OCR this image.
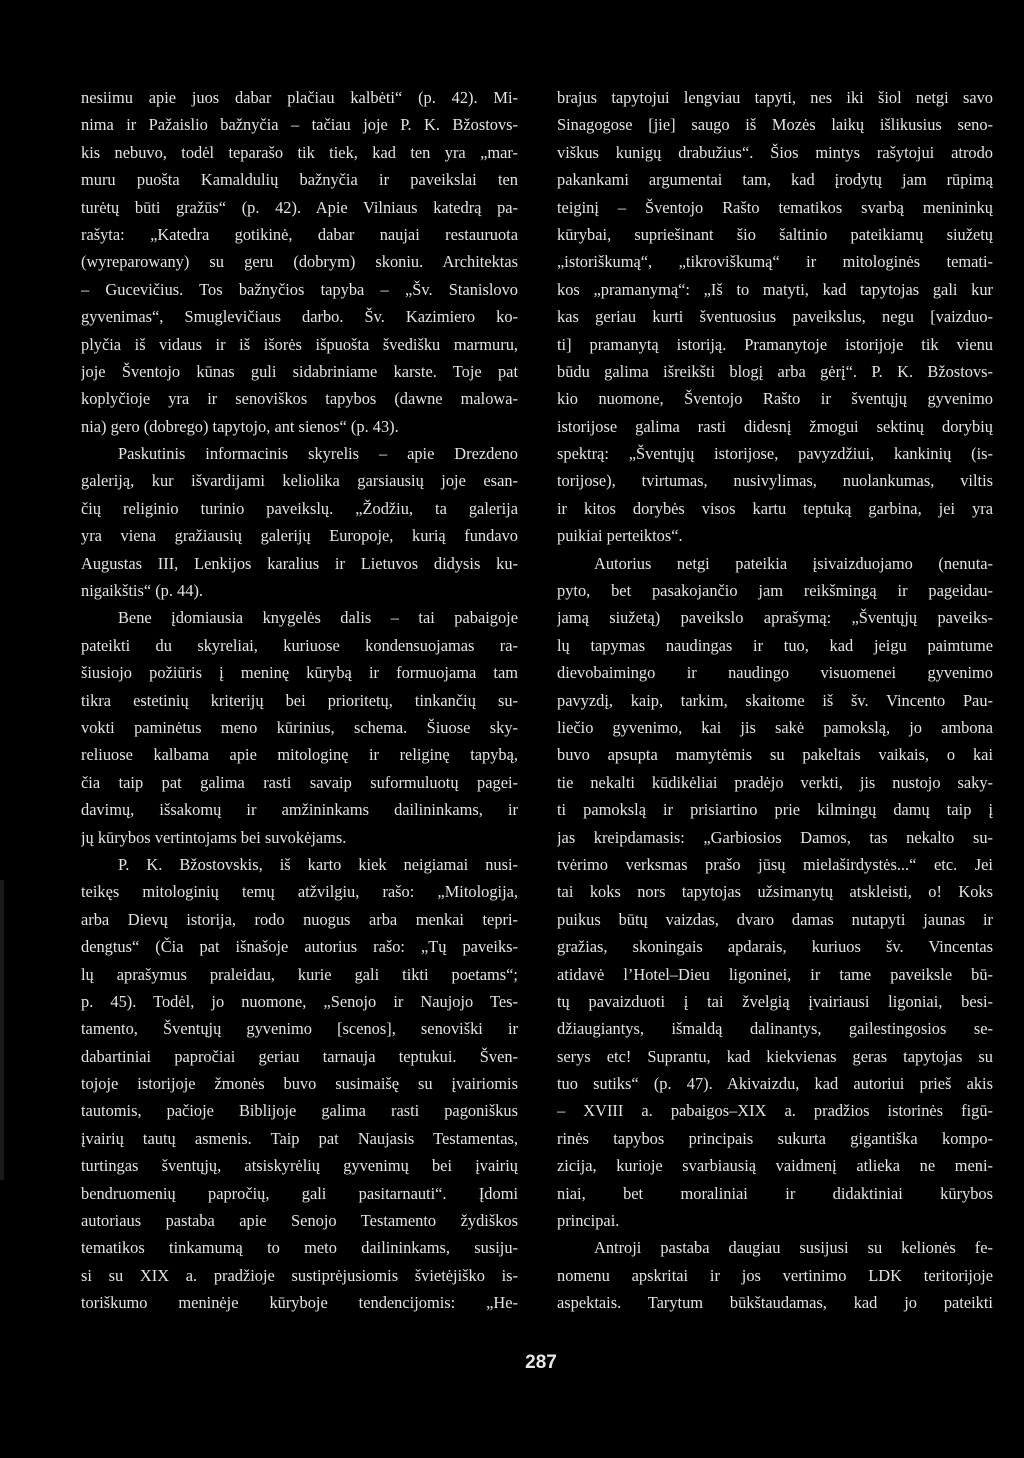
nesiimu apie juos dabar plačiau kalbėti“ (p. 42). Mi-
nima ir Pažaislio bažnyčia – tačiau joje P. K. Bžostovs-
kis nebuvo, todėl teparašo tik tiek, kad ten yra „mar-
muru puošta Kamaldulių bažnyčia ir paveikslai ten
turėtų būti gražūs“ (p. 42). Apie Vilniaus katedrą pa-
rašyta: „Katedra gotikinė, dabar naujai restauruota
(wyreparowany) su geru (dobrym) skoniu. Architektas
– Gucevičius. Tos bažnyčios tapyba – „Šv. Stanislovo
gyvenimas“, Smuglevičiaus darbo. Šv. Kazimiero ko-
plyčia iš vidaus ir iš išorės išpuošta švedišku marmuru,
joje Šventojo kūnas guli sidabriniame karste. Toje pat
koplyčioje yra ir senoviškos tapybos (dawne malowa-
nia) gero (dobrego) tapytojo, ant sienos“ (p. 43).
Paskutinis informacinis skyrelis – apie Drezdeno
galeriją, kur išvardijami keliolika garsiausių joje esan-
čių religinio turinio paveikslų. „Žodžiu, ta galerija
yra viena gražiausių galerijų Europoje, kurią fundavo
Augustas III, Lenkijos karalius ir Lietuvos didysis ku-
nigaikštis“ (p. 44).
Bene įdomiausia knygelės dalis – tai pabaigoje
pateikti du skyreliai, kuriuose kondensuojamas ra-
šiusiojo požiūris į meninę kūrybą ir formuojama tam
tikra estetinių kriterijų bei prioritetų, tinkančių su-
vokti paminėtus meno kūrinius, schema. Šiuose sky-
reliuose kalbama apie mitologinę ir religinę tapybą,
čia taip pat galima rasti savaip suformuluotų pagei-
davimų, išsakomų ir amžininkams dailininkams, ir
jų kūrybos vertintojams bei suvokėjams.
P. K. Bžostovskis, iš karto kiek neigiamai nusi-
teikęs mitologinių temų atžvilgiu, rašo: „Mitologija,
arba Dievų istorija, rodo nuogus arba menkai tepri-
dengtus“ (Čia pat išnašoje autorius rašo: „Tų paveiks-
lų aprašymus praleidau, kurie gali tikti poetams“;
p. 45). Todėl, jo nuomone, „Senojo ir Naujojo Tes-
tamento, Šventųjų gyvenimo [scenos], senoviški ir
dabartiniai papročiai geriau tarnauja teptukui. Šven-
tojoje istorijoje žmonės buvo susimaišę su įvairiomis
tautomis, pačioje Biblijoje galima rasti pagoniškus
įvairių tautų asmenis. Taip pat Naujasis Testamentas,
turtingas šventųjų, atsiskyrėlių gyvenimų bei įvairių
bendruomenių papročių, gali pasitarnauti“. Įdomi
autoriaus pastaba apie Senojo Testamento žydiškos
tematikos tinkamumą to meto dailininkams, susiju-
si su XIX a. pradžioje sustiprėjusiomis švietėjiško is-
toriškumo meninėje kūryboje tendencijomis: „He-
brajus tapytojui lengviau tapyti, nes iki šiol netgi savo
Sinagogose [jie] saugo iš Mozės laikų išlikusius seno-
viškus kunigų drabužius“. Šios mintys rašytojui atrodo
pakankami argumentai tam, kad įrodytų jam rūpimą
teiginį – Šventojo Rašto tematikos svarbą menininkų
kūrybai, supriešinant šio šaltinio pateikiamų siužetų
„istoriškumą“, „tikroviškumą“ ir mitologinės temati-
kos „pramanymą“: „Iš to matyti, kad tapytojas gali kur
kas geriau kurti šventuosius paveikslus, negu [vaizduo-
ti] pramanytą istoriją. Pramanytoje istorijoje tik vienu
būdu galima išreikšti blogį arba gėrį“. P. K. Bžostovs-
kio nuomone, Šventojo Rašto ir šventųjų gyvenimo
istorijose galima rasti didesnį žmogui sektinų dorybių
spektrą: „Šventųjų istorijose, pavyzdžiui, kankinių (is-
torijose), tvirtumas, nusivylimas, nuolankumas, viltis
ir kitos dorybės visos kartu teptuką garbina, jei yra
puikiai perteiktos“.
Autorius netgi pateikia įsivaizduojamo (nenuta-
pyto, bet pasakojančio jam reikšmingą ir pageidau-
jamą siužetą) paveikslo aprašymą: „Šventųjų paveiks-
lų tapymas naudingas ir tuo, kad jeigu paimtume
dievobaimingo ir naudingo visuomenei gyvenimo
pavyzdį, kaip, tarkim, skaitome iš šv. Vincento Pau-
liečio gyvenimo, kai jis sakė pamokslą, jo ambona
buvo apsupta mamytėmis su pakeltais vaikais, o kai
tie nekalti kūdikėliai pradėjo verkti, jis nustojo saky-
ti pamokslą ir prisiartino prie kilmingų damų taip į
jas kreipdamasis: „Garbiosios Damos, tas nekalto su-
tvėrimo verksmas prašo jūsų mielaširdystės...“ etc. Jei
tai koks nors tapytojas užsimanytų atskleisti, o! Koks
puikus būtų vaizdas, dvaro damas nutapyti jaunas ir
gražias, skoningais apdarais, kuriuos šv. Vincentas
atidavė l’Hotel–Dieu ligoninei, ir tame paveiksle bū-
tų pavaizduoti į tai žvelgią įvairiausi ligoniai, besi-
džiaugiantys, išmaldą dalinantys, gailestingosios se-
serys etc! Suprantu, kad kiekvienas geras tapytojas su
tuo sutiks“ (p. 47). Akivaizdu, kad autoriui prieš akis
– XVIII a. pabaigos–XIX a. pradžios istorinės figū-
rinės tapybos principais sukurta gigantiška kompo-
zicija, kurioje svarbiausią vaidmenį atlieka ne meni-
niai, bet moraliniai ir didaktiniai kūrybos
principai.
Antroji pastaba daugiau susijusi su kelionės fe-
nomenu apskritai ir jos vertinimo LDK teritorijoje
aspektais. Tarytum būkštaudamas, kad jo pateikti
287
